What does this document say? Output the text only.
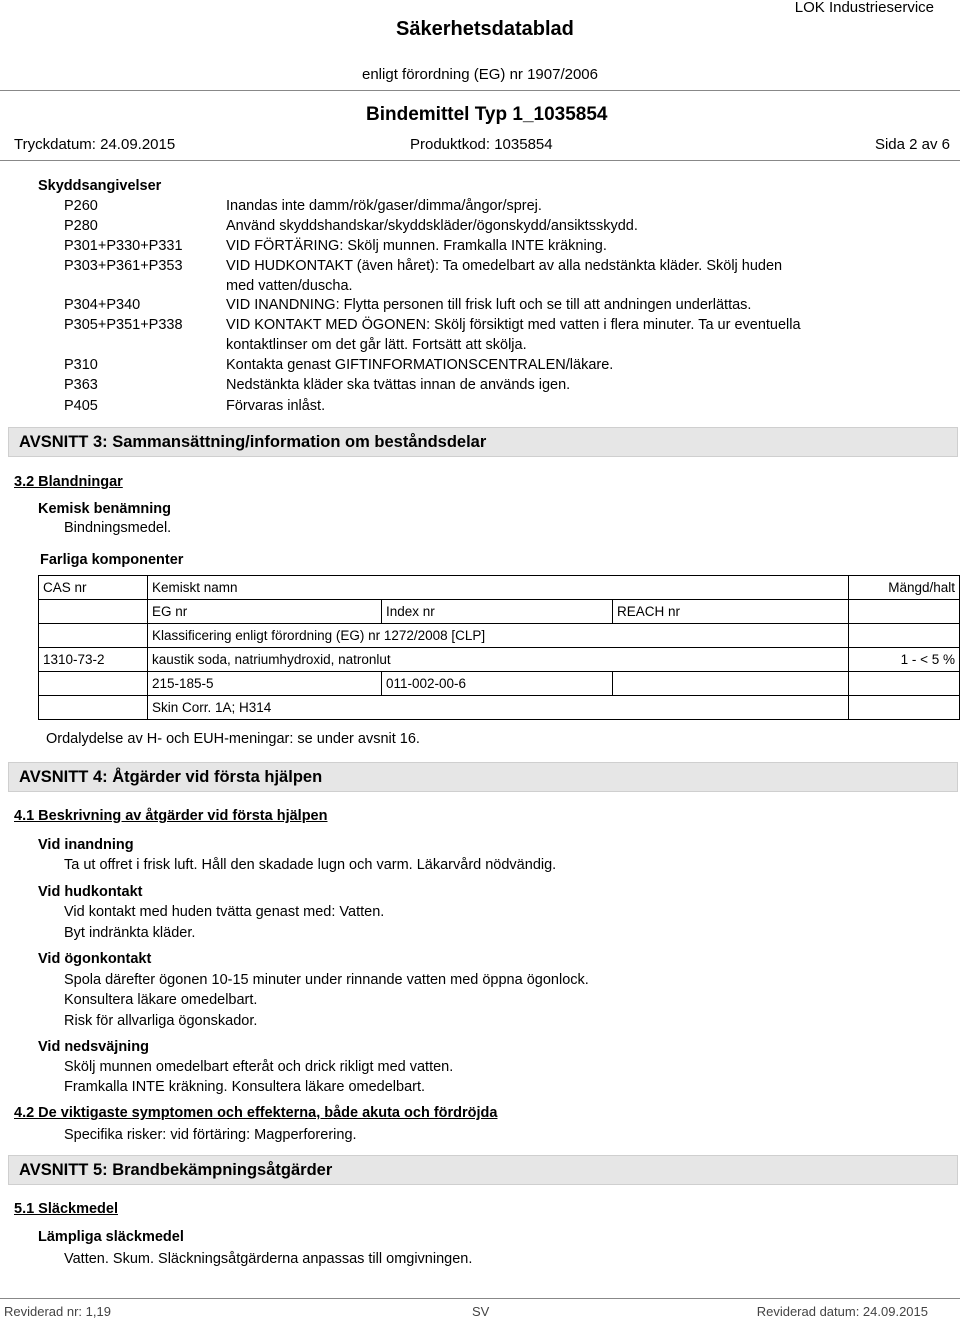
Säkerhetsdatablad
LOK Industrieservice
enligt förordning (EG) nr 1907/2006
Bindemittel Typ 1_1035854
Tryckdatum: 24.09.2015	Produktkod: 1035854	Sida 2 av 6
Skyddsangivelser
P260	Inandas inte damm/rök/gaser/dimma/ångor/sprej.
P280	Använd skyddshandskar/skyddskläder/ögonskydd/ansiktsskydd.
P301+P330+P331	VID FÖRTÄRING: Skölj munnen. Framkalla INTE kräkning.
P303+P361+P353	VID HUDKONTAKT (även håret): Ta omedelbart av alla nedstänkta kläder. Skölj huden
med vatten/duscha.
P304+P340	VID INANDNING: Flytta personen till frisk luft och se till att andningen underlättas.
P305+P351+P338	VID KONTAKT MED ÖGONEN: Skölj försiktigt med vatten i flera minuter. Ta ur eventuella
kontaktlinser om det går lätt. Fortsätt att skölja.
P310	Kontakta genast GIFTINFORMATIONSCENTRALEN/läkare.
P363	Nedstänkta kläder ska tvättas innan de används igen.
P405	Förvaras inlåst.
AVSNITT 3: Sammansättning/information om beståndsdelar
3.2 Blandningar
Kemisk benämning
Bindningsmedel.
Farliga komponenter
CAS nr	Kemiskt namn			Mängd/halt
	EG nr	Index nr	REACH nr	
	Klassificering enligt förordning (EG) nr 1272/2008 [CLP]			
1310-73-2	kaustik soda, natriumhydroxid, natronlut			1 - < 5 %
	215-185-5	011-002-00-6		
	Skin Corr. 1A; H314			
Ordalydelse av H- och EUH-meningar: se under avsnit 16.
AVSNITT 4: Åtgärder vid första hjälpen
4.1 Beskrivning av åtgärder vid första hjälpen
Vid inandning
Ta ut offret i frisk luft. Håll den skadade lugn och varm. Läkarvård nödvändig.
Vid hudkontakt
Vid kontakt med huden tvätta genast med: Vatten.
Byt indränkta kläder.
Vid ögonkontakt
Spola därefter ögonen 10-15 minuter under rinnande vatten med öppna ögonlock.
Konsultera läkare omedelbart.
Risk för allvarliga ögonskador.
Vid nedsväjning
Skölj munnen omedelbart efteråt och drick rikligt med vatten.
Framkalla INTE kräkning. Konsultera läkare omedelbart.
4.2 De viktigaste symptomen och effekterna, både akuta och fördröjda
Specifika risker: vid förtäring: Magperforering.
AVSNITT 5: Brandbekämpningsåtgärder
5.1 Släckmedel
Lämpliga släckmedel
Vatten. Skum. Släckningsåtgärderna anpassas till omgivningen.
Reviderad nr: 1,19	SV	Reviderad datum: 24.09.2015
